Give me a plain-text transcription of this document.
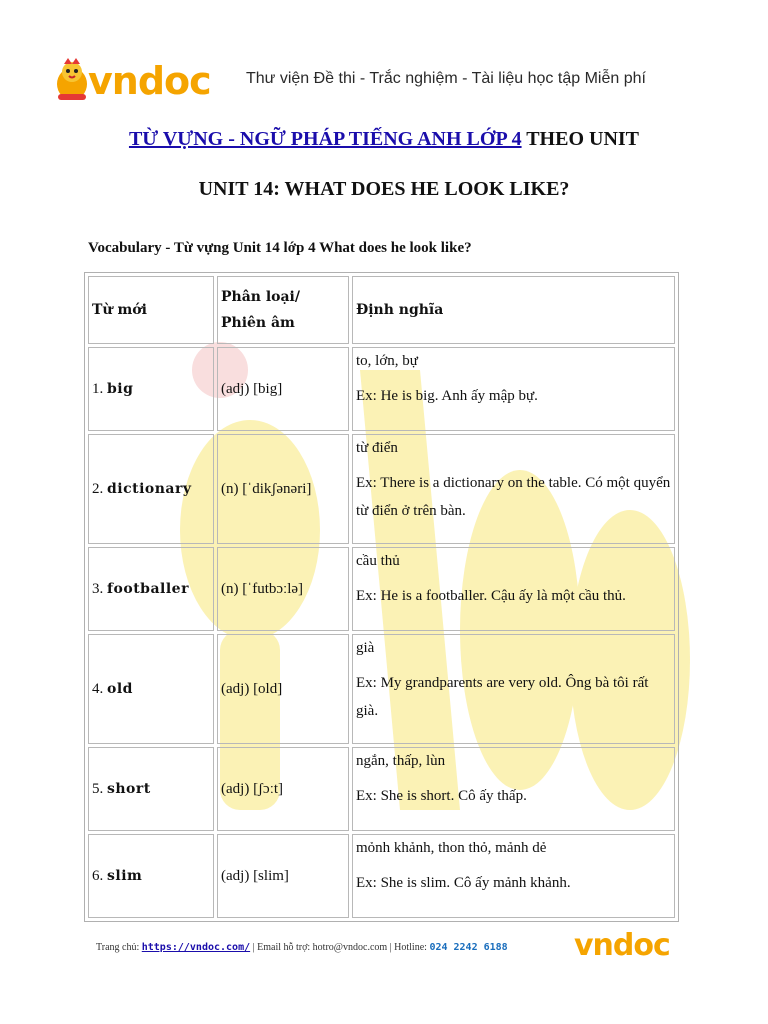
vndoc Thư viện Đề thi - Trắc nghiệm - Tài liệu học tập Miễn phí
TỪ VỰNG - NGỮ PHÁP TIẾNG ANH LỚP 4 THEO UNIT
UNIT 14: WHAT DOES HE LOOK LIKE?
Vocabulary - Từ vựng Unit 14 lớp 4 What does he look like?
Từ mới	Phân loại/ Phiên âm	Định nghĩa
1. big	(adj) [big]	to, lớn, bự
Ex: He is big. Anh ấy mập bự.

2. dictionary	(n) [ˈdikʃənəri]	từ điển
Ex: There is a dictionary on the table. Có một quyển từ điển ở trên bàn.

3. footballer	(n) [ˈfutbɔːlə]	cầu thủ
Ex: He is a footballer. Cậu ấy là một cầu thủ.

4. old	(adj) [old]	già
Ex: My grandparents are very old. Ông bà tôi rất già.

5. short	(adj) [ʃɔːt]	ngắn, thấp, lùn
Ex: She is short. Cô ấy thấp.

6. slim	(adj) [slim]	mỏnh khảnh, thon thỏ, mảnh dẻ
Ex: She is slim. Cô ấy mảnh khảnh.
Trang chủ: https://vndoc.com/ | Email hỗ trợ: hotro@vndoc.com | Hotline: 024 2242 6188 vndoc
